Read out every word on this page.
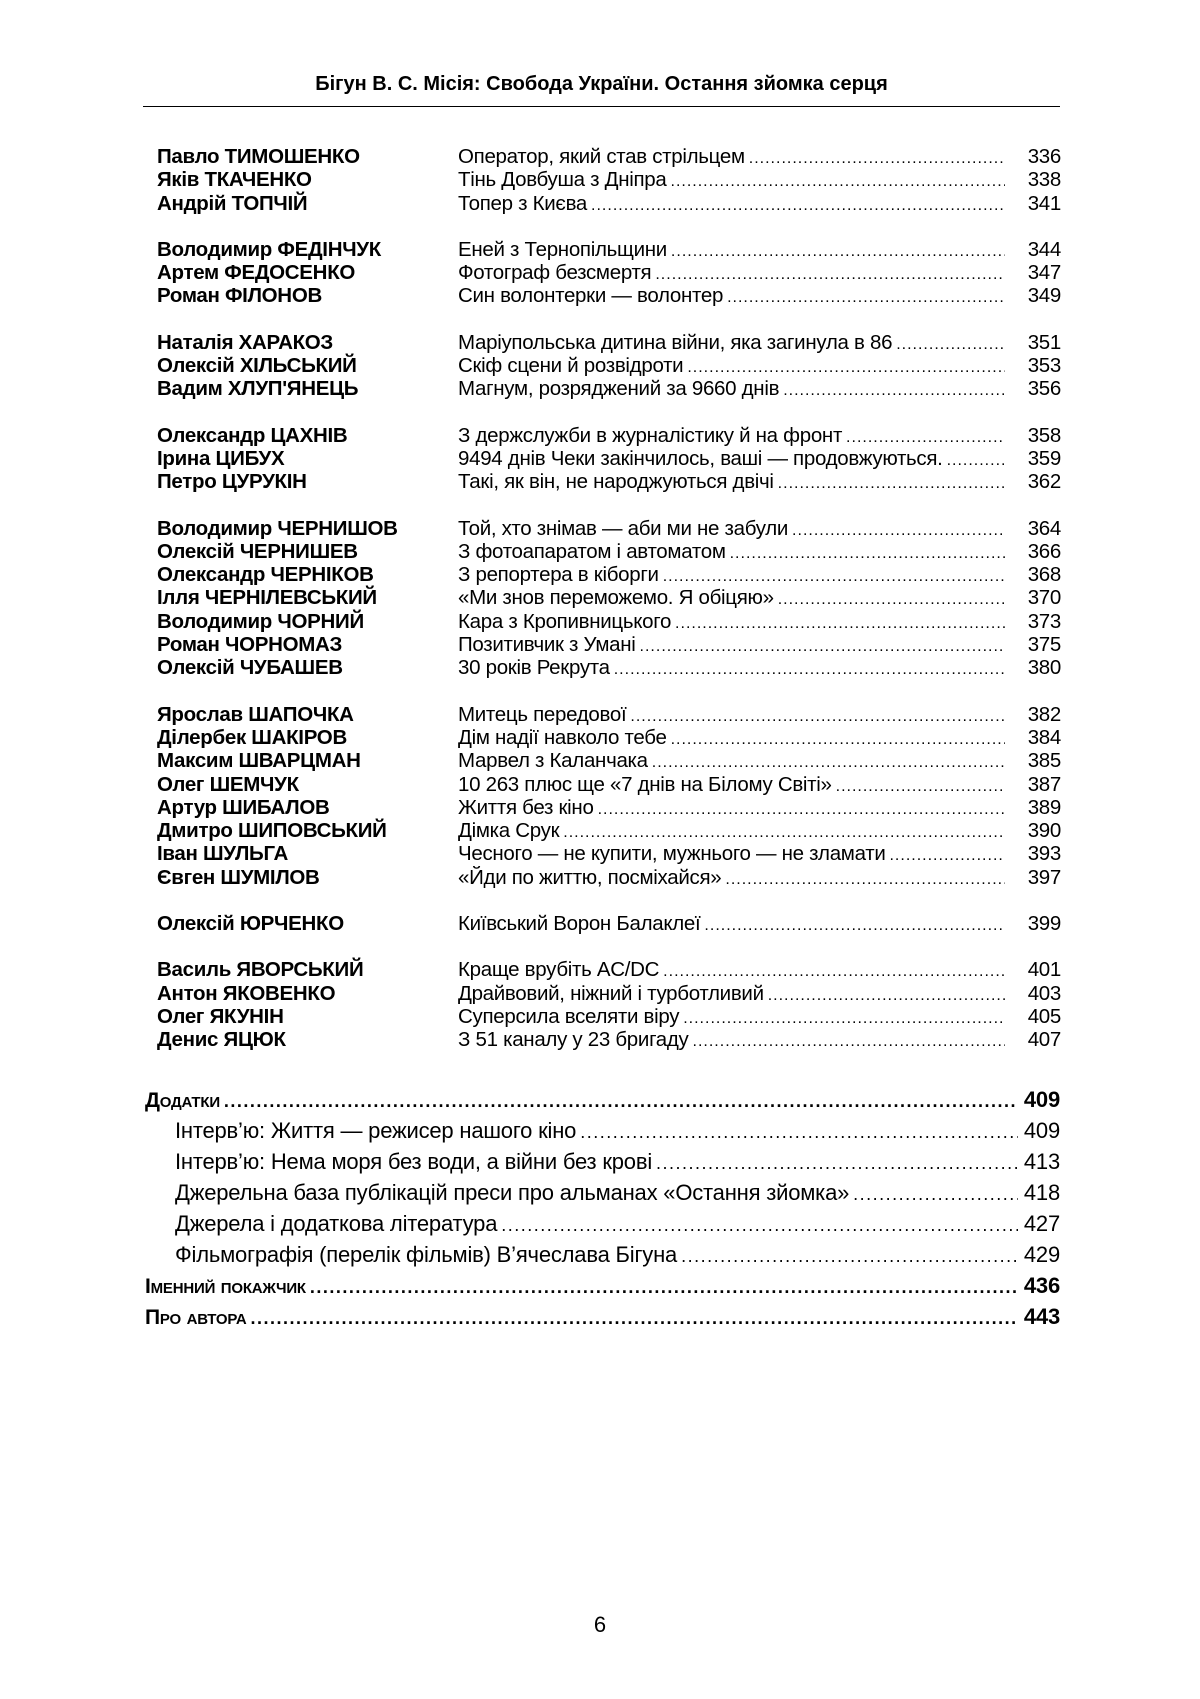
Бігун В. С. Місія: Свобода України. Остання зйомка серця
Павло ТИМОШЕНКО	Оператор, який став стрільцем .....	336
Яків ТКАЧЕНКО	Тінь Довбуша з Дніпра .....	338
Андрій ТОПЧІЙ	Топер з Києва .....	341
Володимир ФЕДІНЧУК	Еней з Тернопільщини .....	344
Артем ФЕДОСЕНКО	Фотограф безсмертя .....	347
Роман ФІЛОНОВ	Син волонтерки — волонтер .....	349
Наталія ХАРАКОЗ	Маріупольська дитина війни, яка загинула в 86 .....	351
Олексій ХІЛЬСЬКИЙ	Скіф сцени й розвідроти .....	353
Вадим ХЛУП'ЯНЕЦЬ	Магнум, розряджений за 9660 днів .....	356
Олександр ЦАХНІВ	З держслужби в журналістику й на фронт .....	358
Ірина ЦИБУХ	9494 днів Чеки закінчилось, ваші — продовжуються. .....	359
Петро ЦУРУКІН	Такі, як він, не народжуються двічі .....	362
Володимир ЧЕРНИШОВ	Той, хто знімав — аби ми не забули .....	364
Олексій ЧЕРНИШЕВ	З фотоапаратом і автоматом .....	366
Олександр ЧЕРНІКОВ	З репортера в кіборги .....	368
Ілля ЧЕРНІЛЕВСЬКИЙ	«Ми знов переможемо. Я обіцяю» .....	370
Володимир ЧОРНИЙ	Кара з Кропивницького .....	373
Роман ЧОРНОМАЗ	Позитивчик з Умані .....	375
Олексій ЧУБАШЕВ	30 років Рекрута .....	380
Ярослав ШАПОЧКА	Митець передової .....	382
Ділербек ШАКІРОВ	Дім надії навколо тебе .....	384
Максим ШВАРЦМАН	Марвел з Каланчака .....	385
Олег ШЕМЧУК	10 263 плюс ще «7 днів на Білому Світі» .....	387
Артур ШИБАЛОВ	Життя без кіно .....	389
Дмитро ШИПОВСЬКИЙ	Дімка Срук .....	390
Іван ШУЛЬГА	Чесного — не купити, мужнього — не зламати .....	393
Євген ШУМІЛОВ	«Йди по життю, посміхайся» .....	397
Олексій ЮРЧЕНКО	Київський Ворон Балаклеї .....	399
Василь ЯВОРСЬКИЙ	Краще врубіть AC/DC .....	401
Антон ЯКОВЕНКО	Драйвовий, ніжний і турботливий .....	403
Олег ЯКУНІН	Суперсила вселяти віру .....	405
Денис ЯЦЮК	З 51 каналу у 23 бригаду .....	407
Додатки .....	409
Інтерв’ю: Життя — режисер нашого кіно .....	409
Інтерв’ю: Нема моря без води, а війни без крові .....	413
Джерельна база публікацій преси про альманах «Остання зйомка» .....	418
Джерела і додаткова література .....	427
Фільмографія (перелік фільмів) В’ячеслава Бігуна .....	429
Іменний покажчик .....	436
Про автора .....	443
6
